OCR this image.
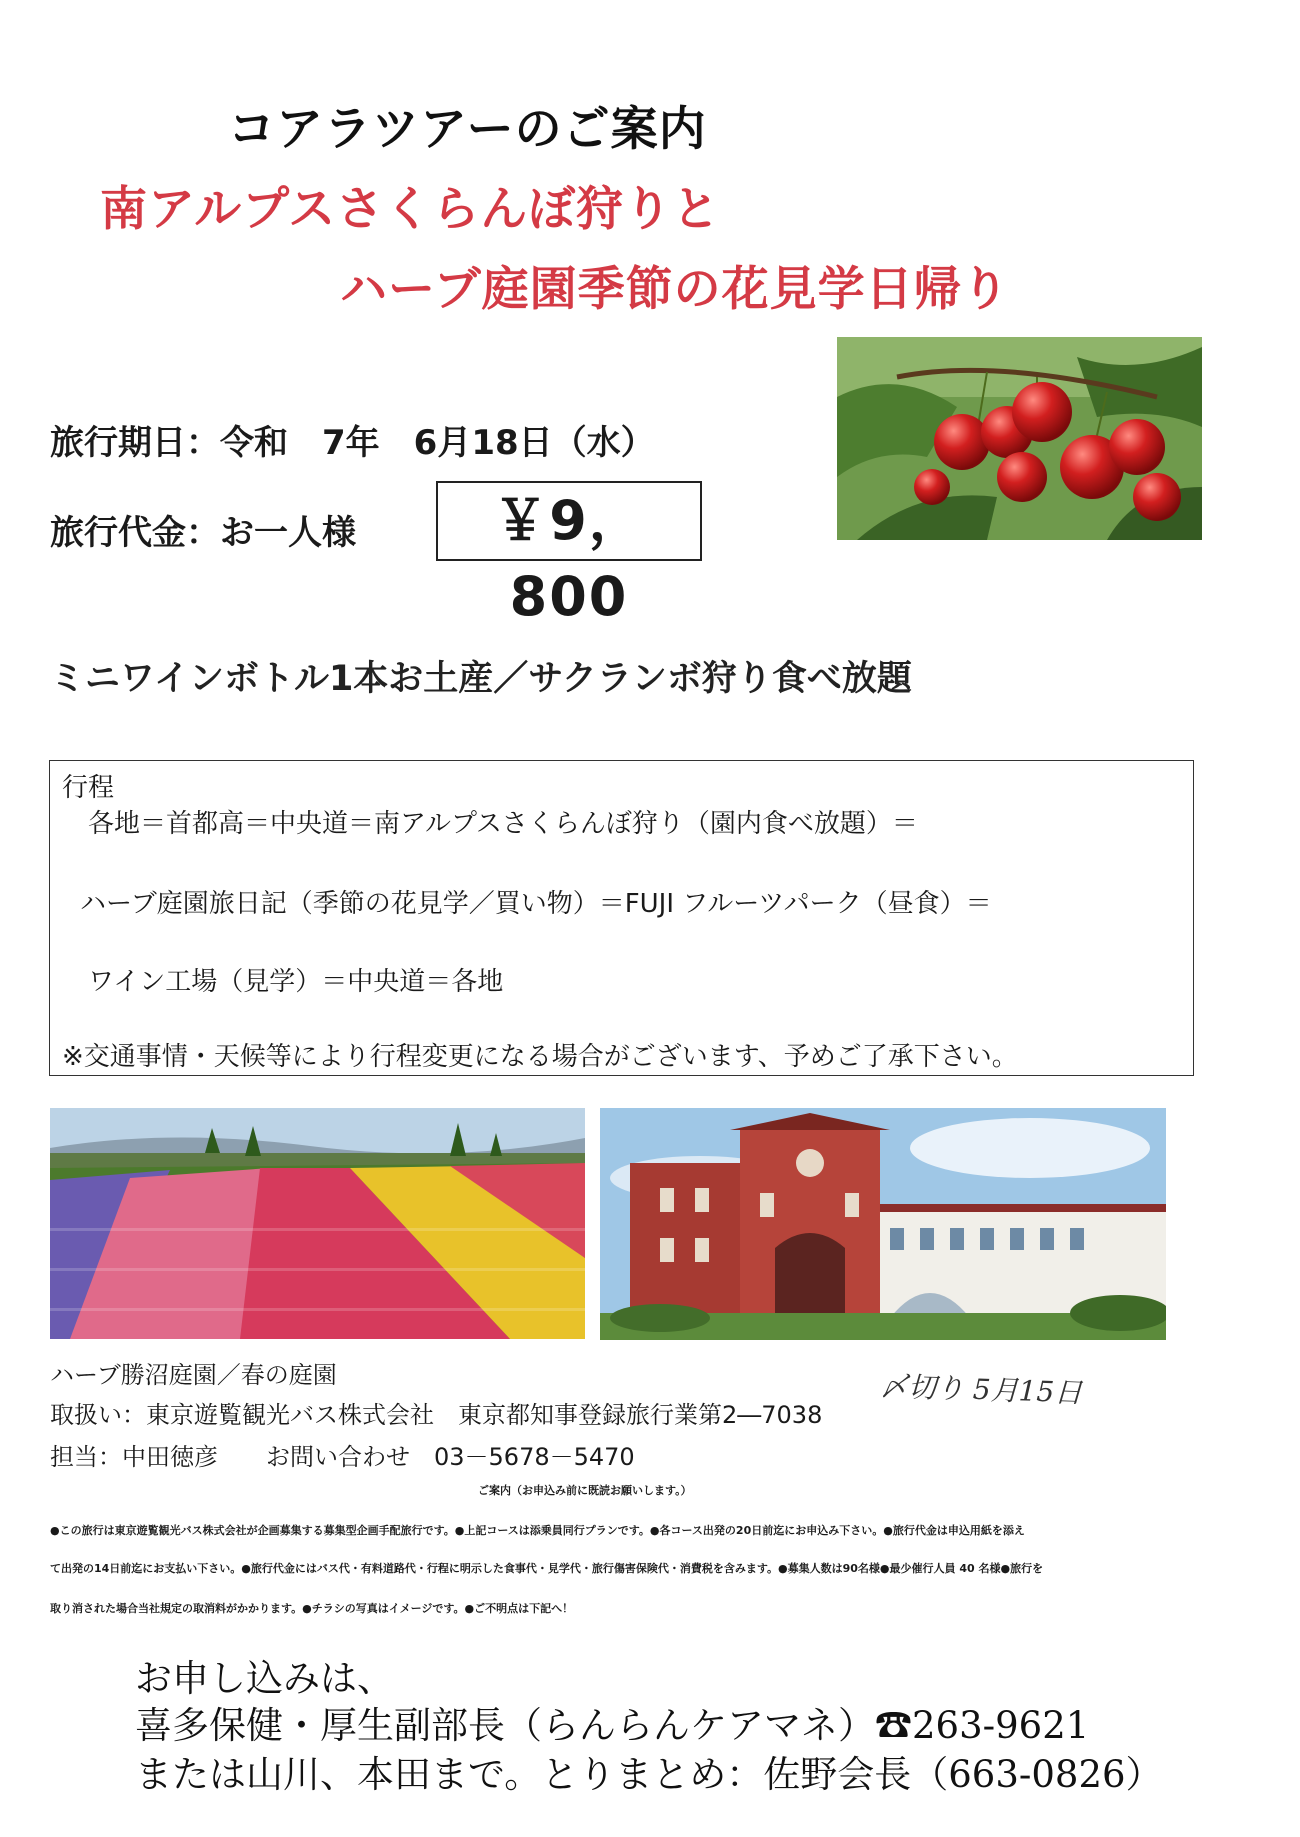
コアラツアーのご案内
南アルプスさくらんぼ狩りと
ハーブ庭園季節の花見学日帰り
旅行期日：令和　7年　6月18日（水）
旅行代金：お一人様	￥9，800
ミニワインボトル1本お土産／サクランボ狩り食べ放題
行程
各地＝首都高＝中央道＝南アルプスさくらんぼ狩り（園内食べ放題）＝
ハーブ庭園旅日記（季節の花見学／買い物）＝FUJI フルーツパーク（昼食）＝
ワイン工場（見学）＝中央道＝各地
※交通事情・天候等により行程変更になる場合がございます、予めご了承下さい。
ハーブ勝沼庭園／春の庭園	〆切り 5月15日
取扱い：東京遊覧観光バス株式会社　東京都知事登録旅行業第2―7038
担当：中田徳彦　　お問い合わせ　03－5678－5470
ご案内（お申込み前に既読お願いします。）
●この旅行は東京遊覧観光バス株式会社が企画募集する募集型企画手配旅行です。●上記コースは添乗員同行プランです。●各コース出発の20日前迄にお申込み下さい。●旅行代金は申込用紙を添え
て出発の14日前迄にお支払い下さい。●旅行代金にはバス代・有料道路代・行程に明示した食事代・見学代・旅行傷害保険代・消費税を含みます。●募集人数は90名様●最少催行人員 40 名様●旅行を
取り消された場合当社規定の取消料がかかります。●チラシの写真はイメージです。●ご不明点は下記へ！
お申し込みは、
喜多保健・厚生副部長（らんらんケアマネ）☎263-9621
または山川、本田まで。とりまとめ：佐野会長（663-0826）
